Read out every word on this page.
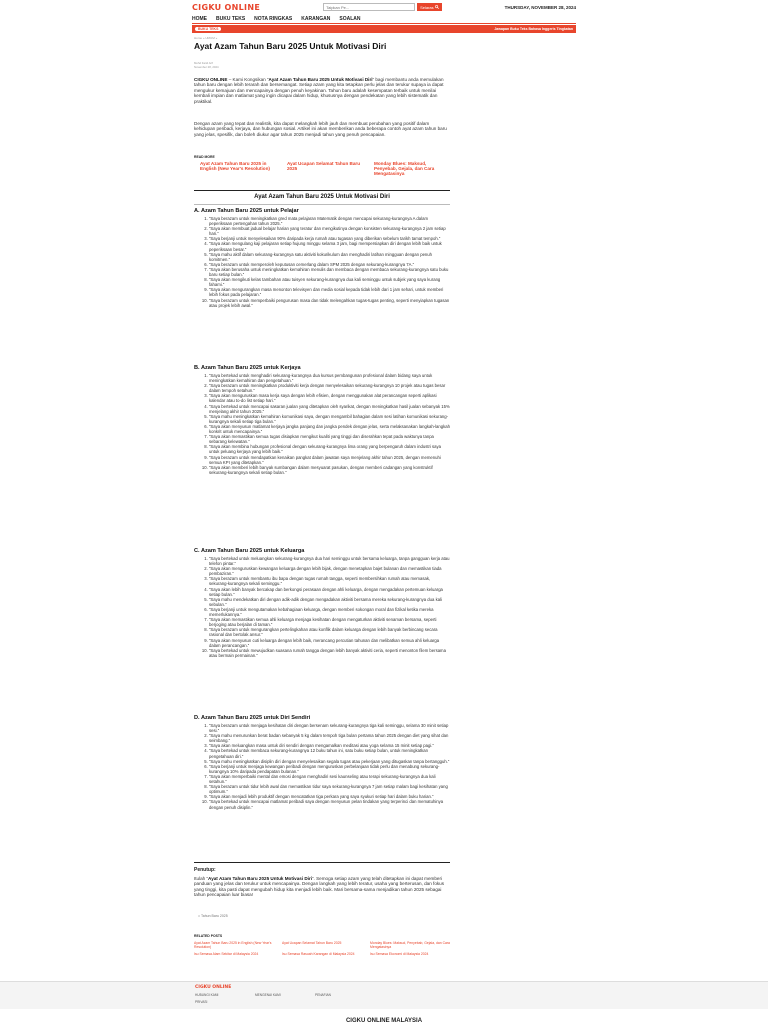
CIGKU ONLINE
Taipkan Pe...	Selaras	THURSDAY, NOVEMBER 28, 2024
HOME BUKU TEKS NOTA RINGKAS KARANGAN SOALAN
BUKU TEKS	Jawapan Buku Teks Bahasa Inggeris Tingkatan
Home » UMUM »
Ayat Azam Tahun Baru 2025 Untuk Motivasi Diri
Mohd Farid Arif
November 28, 2024

CIGKU ONLINE – Kami Kongsikan “Ayat Azam Tahun Baru 2025 Untuk Motivasi Diri” bagi membantu anda memulakan tahun baru dengan lebih terarah dan bersemangat. Setiap azam yang kita tetapkan perlu jelas dan terukur supaya ia dapat mengukur kemajuan dan mencapainya dengan penuh keyakinan. Tahun baru adalah kesempatan terbaik untuk menilai kembali impian dan matlamat yang ingin dicapai dalam hidup, khususnya dengan pendekatan yang lebih sistematik dan praktikal.

Dengan azam yang tepat dan realistik, kita dapat melangkah lebih jauh dan membuat perubahan yang positif dalam kehidupan peribadi, kerjaya, dan hubungan sosial. Artikel ini akan memberikan anda beberapa contoh ayat azam tahun baru yang jelas, spesifik, dan boleh diukur agar tahun 2025 menjadi tahun yang penuh pencapaian.

READ MORE
Ayat Azam Tahun Baru 2025 in English (New Year's Resolution)
Ayat Ucapan Selamat Tahun Baru 2025
Monday Blues: Maksud, Penyebab, Gejala, dan Cara Mengatasinya
Ayat Azam Tahun Baru 2025 Untuk Motivasi Diri
A. Azam Tahun Baru 2025 untuk Pelajar
1. “Saya berazam untuk meningkatkan gred mata pelajaran Matematik dengan mencapai sekurang-kurangnya A dalam peperiksaan pertengahan tahun 2025.”
2. “Saya akan membuat jadual belajar harian yang teratur dan mengikutinya dengan konsisten sekurang-kurangnya 2 jam setiap hari.”
3. “Saya berjanji untuk menyelesaikan 90% daripada kerja rumah atau tugasan yang diberikan sebelum tarikh tamat tempoh.”
4. “Saya akan mengulang kaji pelajaran setiap hujung minggu selama 3 jam, bagi mempersiapkan diri dengan lebih baik untuk peperiksaan besar.”
5. “Saya mahu aktif dalam sekurang-kurangnya satu aktiviti kokurikulum dan menghadiri latihan mingguan dengan penuh komitmen.”
6. “Saya berazam untuk memperoleh keputusan cemerlang dalam SPM 2025 dengan sekurang-kurangnya 7A.”
7. “Saya akan berusaha untuk meningkatkan kemahiran menulis dan membaca dengan membaca sekurang-kurangnya satu buku baru setiap bulan.”
8. “Saya akan mengikuti kelas tambahan atau tuisyen sekurang-kurangnya dua kali seminggu untuk subjek yang saya kurang fahami.”
9. “Saya akan mengurangkan masa menonton televisyen dan media sosial kepada tidak lebih dari 1 jam sehari, untuk memberi lebih fokus pada pelajaran.”
10. “Saya berazam untuk memperbaiki pengurusan masa dan tidak melengahkan tugas-tugas penting, seperti menyiapkan tugasan atau projek lebih awal.”
B. Azam Tahun Baru 2025 untuk Kerjaya
1. “Saya bertekad untuk menghadiri sekurang-kurangnya dua kursus pembangunan profesional dalam bidang saya untuk meningkatkan kemahiran dan pengetahuan.”
2. “Saya berazam untuk meningkatkan produktiviti kerja dengan menyelesaikan sekurang-kurangnya 10 projek atau tugas besar dalam tempoh setahun.”
3. “Saya akan menguruskan masa kerja saya dengan lebih efisien, dengan menggunakan alat perancangan seperti aplikasi kalendar atau to-do list setiap hari.”
4. “Saya bertekad untuk mencapai sasaran jualan yang ditetapkan oleh syarikat, dengan meningkatkan hasil jualan sebanyak 15% menjelang akhir tahun 2025.”
5. “Saya mahu meningkatkan kemahiran komunikasi saya, dengan mengambil bahagian dalam sesi latihan komunikasi sekurang-kurangnya sekali setiap tiga bulan.”
6. “Saya akan menyusun matlamat kerjaya jangka panjang dan jangka pendek dengan jelas, serta melaksanakan langkah-langkah konkrit untuk mencapainya.”
7. “Saya akan memastikan semua tugas disiapkan mengikut kualiti yang tinggi dan diserahkan tepat pada waktunya tanpa sebarang kelewatan.”
8. “Saya akan membina hubungan profesional dengan sekurang-kurangnya lima orang yang berpengaruh dalam industri saya untuk peluang kerjaya yang lebih baik.”
9. “Saya berazam untuk mendapatkan kenaikan pangkat dalam jawatan saya menjelang akhir tahun 2025, dengan memenuhi semua KPI yang ditetapkan.”
10. “Saya akan memberi lebih banyak sumbangan dalam mesyuarat pasukan, dengan memberi cadangan yang konstruktif sekurang-kurangnya sekali setiap bulan.”
C. Azam Tahun Baru 2025 untuk Keluarga
1. “Saya bertekad untuk meluangkan sekurang-kurangnya dua hari seminggu untuk bersama keluarga, tanpa gangguan kerja atau telefon pintar.”
2. “Saya akan menguruskan kewangan keluarga dengan lebih bijak, dengan menetapkan bajet bulanan dan memastikan tiada pembaziran.”
3. “Saya berazam untuk membantu ibu bapa dengan tugas rumah tangga, seperti membersihkan rumah atau memasak, sekurang-kurangnya sekali seminggu.”
4. “Saya akan lebih banyak bercakap dan berkongsi perasaan dengan ahli keluarga, dengan mengadakan pertemuan keluarga setiap bulan.”
5. “Saya mahu mendekatkan diri dengan adik-adik dengan mengadakan aktiviti bersama mereka sekurang-kurangnya dua kali sebulan.”
6. “Saya berjanji untuk mengutamakan kebahagiaan keluarga, dengan memberi sokongan moral dan fizikal ketika mereka memerlukannya.”
7. “Saya akan memastikan semua ahli keluarga menjaga kesihatan dengan mengaturkan aktiviti senaman bersama, seperti berjoging atau berjalan di taman.”
8. “Saya berazam untuk mengurangkan pertelingkahan atau konflik dalam keluarga dengan lebih banyak berbincang secara rasional dan bertolak ansur.”
9. “Saya akan menyusun cuti keluarga dengan lebih baik, merancang percutian tahunan dan melibatkan semua ahli keluarga dalam perancangan.”
10. “Saya bertekad untuk mewujudkan suasana rumah tangga dengan lebih banyak aktiviti ceria, seperti menonton filem bersama atau bermain permainan.”
D. Azam Tahun Baru 2025 untuk Diri Sendiri
1. “Saya berazam untuk menjaga kesihatan diri dengan bersenam sekurang-kurangnya tiga kali seminggu, selama 30 minit setiap sesi.”
2. “Saya mahu menurunkan berat badan sebanyak 5 kg dalam tempoh tiga bulan pertama tahun 2025 dengan diet yang sihat dan seimbang.”
3. “Saya akan meluangkan masa untuk diri sendiri dengan mengamalkan meditasi atau yoga selama 15 minit setiap pagi.”
4. “Saya bertekad untuk membaca sekurang-kurangnya 12 buku tahun ini, satu buku setiap bulan, untuk meningkatkan pengetahuan diri.”
5. “Saya mahu meningkatkan disiplin diri dengan menyelesaikan segala tugas atau pekerjaan yang ditugaskan tanpa bertangguh.”
6. “Saya berjanji untuk menjaga kewangan peribadi dengan menguruskan perbelanjaan tidak perlu dan menabung sekurang-kurangnya 10% daripada pendapatan bulanan.”
7. “Saya akan memperbaiki mental dan emosi dengan menghadiri sesi kaunseling atau terapi sekurang-kurangnya dua kali setahun.”
8. “Saya berazam untuk tidur lebih awal dan memastikan tidur saya sekurang-kurangnya 7 jam setiap malam bagi kesihatan yang optimum.”
9. “Saya akan menjadi lebih produktif dengan mencatatkan tiga perkara yang saya syukuri setiap hari dalam buku harian.”
10. “Saya bertekad untuk mencapai matlamat peribadi saya dengan menyusun pelan tindakan yang terperinci dan mematuhinya dengan penuh disiplin.”
Penutup:

Itulah “Ayat Azam Tahun Baru 2025 Untuk Motivasi Diri”. Semoga setiap azam yang telah ditetapkan ini dapat memberi panduan yang jelas dan terukur untuk mencapainya. Dengan langkah yang lebih teratur, usaha yang berterusan, dan fokus yang tinggi, kita pasti dapat mengubah hidup kita menjadi lebih baik. Mari bersama-sama menjadikan tahun 2025 sebagai tahun pencapaian luar biasa!

⌂ Tahun Baru 2025
RELATED POSTS
Ayat Azam Tahun Baru 2025 in English (New Year's Resolution)
Ayat Ucapan Selamat Tahun Baru 2025	Monday Blues: Maksud, Penyebab, Gejala, dan Cara Mengatasinya
Isu Semasa Alam Sekitar di Malaysia 2024	Isu Semasa Rasuah Karangan di Malaysia 2024	Isu Semasa Ekonomi di Malaysia 2024
CIGKU ONLINE
HUBUNGI KAMI	MENGENAI KAMI	PENAFIAN
PRIVASI
CIGKU ONLINE MALAYSIA
